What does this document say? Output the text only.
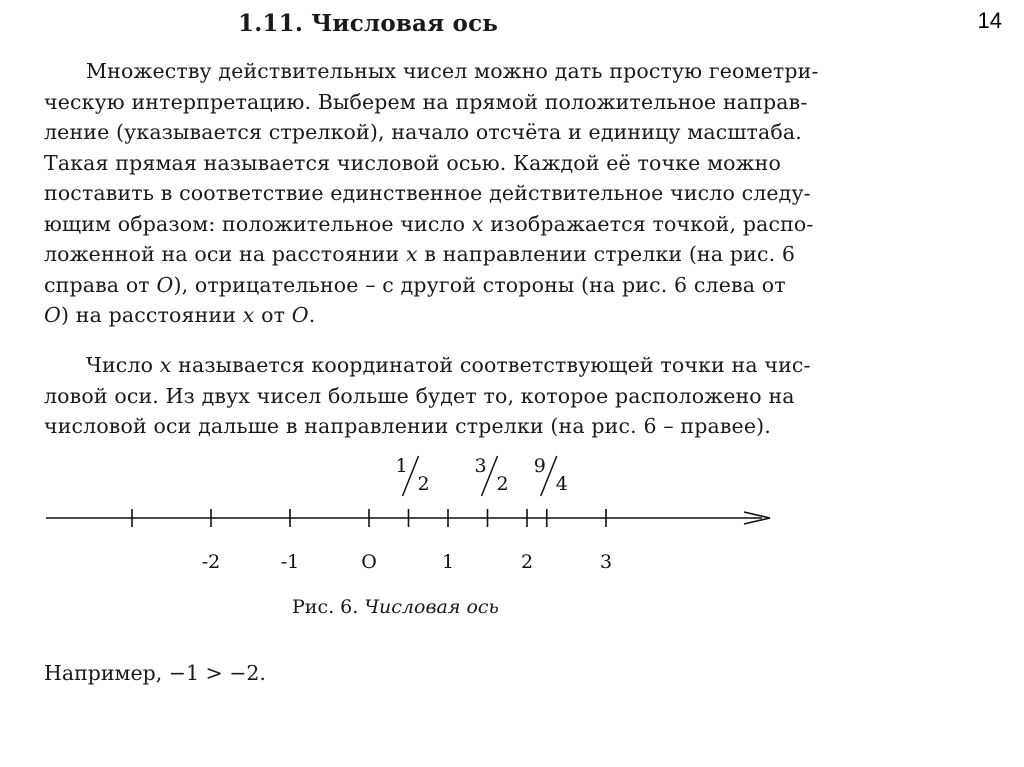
14
1.11. Числовая ось
Множеству действительных чисел можно дать простую геометри-
ческую интерпретацию. Выберем на прямой положительное направ-
ление (указывается стрелкой), начало отсчёта и единицу масштаба.
Такая прямая называется числовой осью. Каждой её точке можно
поставить в соответствие единственное действительное число следу-
ющим образом: положительное число x изображается точкой, распо-
ложенной на оси на расстоянии x в направлении стрелки (на рис. 6
справа от O), отрицательное – с другой стороны (на рис. 6 слева от
O) на расстоянии x от O.
Число x называется координатой соответствующей точки на чис-
ловой оси. Из двух чисел больше будет то, которое расположено на
числовой оси дальше в направлении стрелки (на рис. 6 – правее).
-2	-1	O	1	2	3
1
2
3
2
9
4

Рис. 6. Числовая ось

Например, −1 > −2.
